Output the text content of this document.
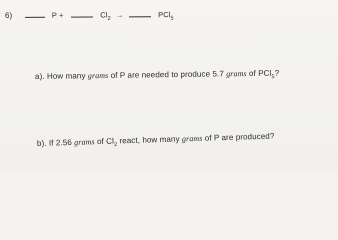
6)	P +	$Cl_2$ →	PCl$_5$
a). How many grams of P are needed to produce 5.7 grams of PCl$_5$?
b). If 2.56 grams of $Cl_2$ react, how many grams of P are produced?
